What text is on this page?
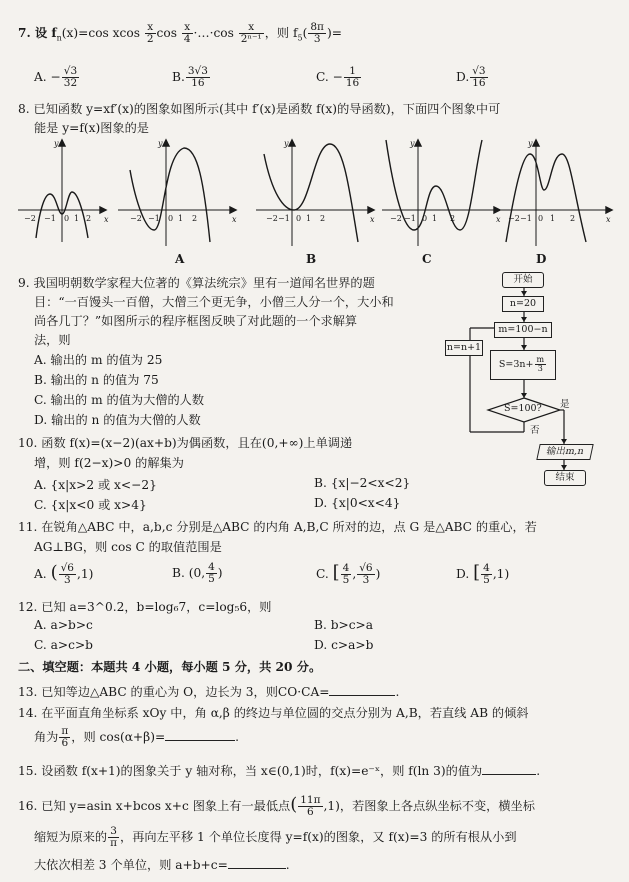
7. 设 $f_n(x)=\cos$ xcos $\frac{x}{2}$ $\cos \frac{x}{4}$ ·…·cos $\frac{x}{\text{2ⁿ⁻¹}}$ ，则 $f_5( \frac{8\pi}{3}$ )=
A. − $\frac{√3}{32}$	B. $\frac{3√3}{16}$	C. − $\frac{1}{16}$	D. $\frac{√3}{16}$
8. 已知函数 y=xf′(x)的图象如图所示(其中 f′(x)是函数 f(x)的导函数)，下面四个图象中可
能是 y=f(x)图象的是
−2 −1 0 1 2 x
y
−2 −1 0 1 2	x
y
−2 −1 0 1 2	x
y
−2 −1 0 1 2	x
y
−2 −1 0 1 2	x
y
A	B	C	D
9. 我国明朝数学家程大位著的《算法统宗》里有一道闻名世界的题
目：“一百馒头一百僧，大僧三个更无争，小僧三人分一个，大小和
尚各几丁？”如图所示的程序框图反映了对此题的一个求解算
法，则
A. 输出的 m 的值为 25
B. 输出的 n 的值为 75
C. 输出的 m 的值为大僧的人数
D. 输出的 n 的值为大僧的人数
开始
n=20
m=100−n
$S=3n+ \frac{m}{3}$
S=100? 是
否
n=n+1
输出m,n
结束
10. 函数 f(x)=(x−2)(ax+b)为偶函数，且在(0,+∞)上单调递
增，则 f(2−x)>0 的解集为
A. {x|x>2 或 x<−2}	B. {x|−2<x<2}
C. {x|x<0 或 x>4}	D. {x|0<x<4}
11. 在锐角△ABC 中，a,b,c 分别是△ABC 的内角 A,B,C 所对的边，点 G 是△ABC 的重心，若
AG⊥BG，则 cos C 的取值范围是
A. ( $\frac{√6}{3} ,1$)	B. (0, $\frac{4}{5}$ )	C. [ $\frac{4}{5}$ , $\frac{√6}{3}$ )	D. [ $\frac{4}{5} ,1$)
12. 已知 a=3^0.2，b=log₆7，c=log₅6，则
A. a>b>c	B. b>c>a
C. a>c>b	D. c>a>b
二、填空题：本题共 4 小题，每小题 5 分，共 20 分。
13. 已知等边△ABC 的重心为 O，边长为 3，则CO·CA=	.
14. 在平面直角坐标系 xOy 中，角 α,β 的终边与单位圆的交点分别为 A,B，若直线 AB 的倾斜
角为 $\frac{\pi}{6}$ ，则 cos(α+β)=	.
15. 设函数 f(x+1)的图象关于 y 轴对称，当 x∈(0,1)时，f(x)=e⁻ˣ，则 f(ln 3)的值为	.
16. 已知 y=asin x+bcos x+c 图象上有一最低点( $\frac{11\pi}{6} ,1$)，若图象上各点纵坐标不变，横坐标
缩短为原来的 $\frac{3}{\pi}$ ，再向左平移 1 个单位长度得 y=f(x)的图象，又 f(x)=3 的所有根从小到
大依次相差 3 个单位，则 a+b+c=	.
